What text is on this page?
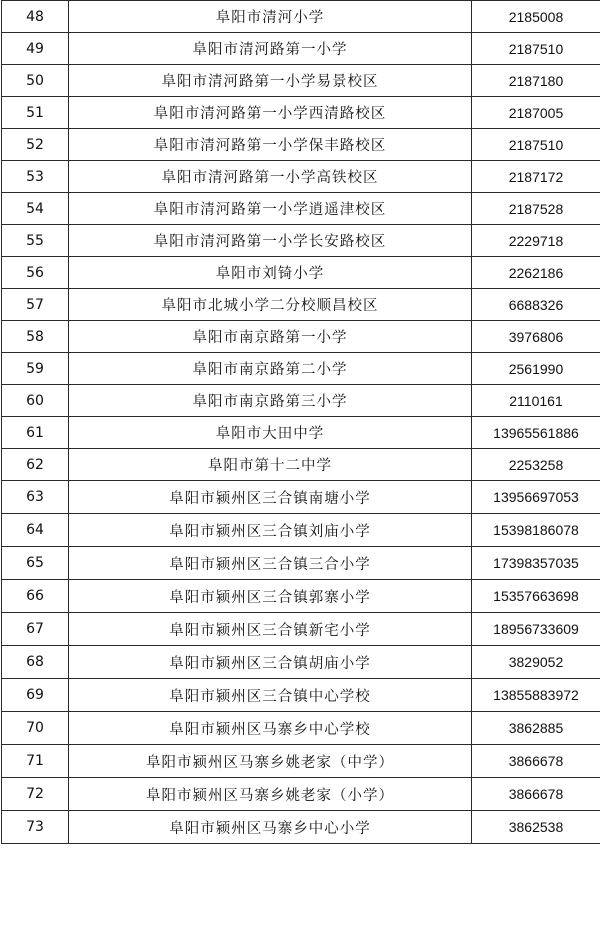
48	阜阳市清河小学	2185008
49	阜阳市清河路第一小学	2187510
50	阜阳市清河路第一小学易景校区	2187180
51	阜阳市清河路第一小学西清路校区	2187005
52	阜阳市清河路第一小学保丰路校区	2187510
53	阜阳市清河路第一小学高铁校区	2187172
54	阜阳市清河路第一小学逍遥津校区	2187528
55	阜阳市清河路第一小学长安路校区	2229718
56	阜阳市刘锜小学	2262186
57	阜阳市北城小学二分校顺昌校区	6688326
58	阜阳市南京路第一小学	3976806
59	阜阳市南京路第二小学	2561990
60	阜阳市南京路第三小学	2110161
61	阜阳市大田中学	13965561886
62	阜阳市第十二中学	2253258
63	阜阳市颍州区三合镇南塘小学	13956697053
64	阜阳市颍州区三合镇刘庙小学	15398186078
65	阜阳市颍州区三合镇三合小学	17398357035
66	阜阳市颍州区三合镇郭寨小学	15357663698
67	阜阳市颍州区三合镇新宅小学	18956733609
68	阜阳市颍州区三合镇胡庙小学	3829052
69	阜阳市颍州区三合镇中心学校	13855883972
70	阜阳市颍州区马寨乡中心学校	3862885
71	阜阳市颍州区马寨乡姚老家（中学）	3866678
72	阜阳市颍州区马寨乡姚老家（小学）	3866678
73	阜阳市颍州区马寨乡中心小学	3862538
